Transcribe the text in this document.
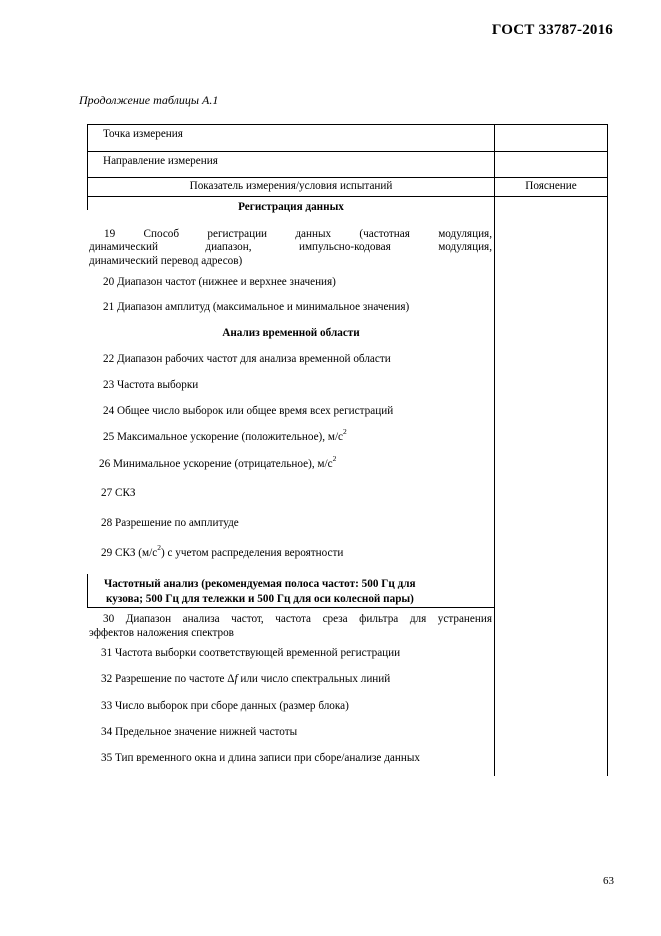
ГОСТ 33787-2016
Продолжение таблицы А.1
Точка измерения
Направление измерения
Показатель измерения/условия испытаний	Пояснение
Регистрация данных
19	Способ	регистрации	данных	(частотная	модуляция,
динамический	диапазон,	импульсно-кодовая	модуляция,
динамический перевод адресов)
20 Диапазон частот (нижнее и верхнее значения)
21 Диапазон амплитуд (максимальное и минимальное значения)
Анализ временной области
22 Диапазон рабочих частот для анализа временной области
23 Частота выборки
24 Общее число выборок или общее время всех регистраций
25 Максимальное ускорение (положительное), $м/с^2$
26 Минимальное ускорение (отрицательное), $м/с^2$
27 СКЗ
28 Разрешение по амплитуде
29 СКЗ $(м/с^2)$ с учетом распределения вероятности
Частотный анализ (рекомендуемая полоса частот: 500 Гц для
кузова; 500 Гц для тележки и 500 Гц для оси колесной пары)
30 Диапазон анализа частот, частота среза фильтра для устранения
эффектов наложения спектров
31 Частота выборки соответствующей временной регистрации
32 Разрешение по частоте Δf или число спектральных линий
33 Число выборок при сборе данных (размер блока)
34 Предельное значение нижней частоты
35 Тип временного окна и длина записи при сборе/анализе данных
63
